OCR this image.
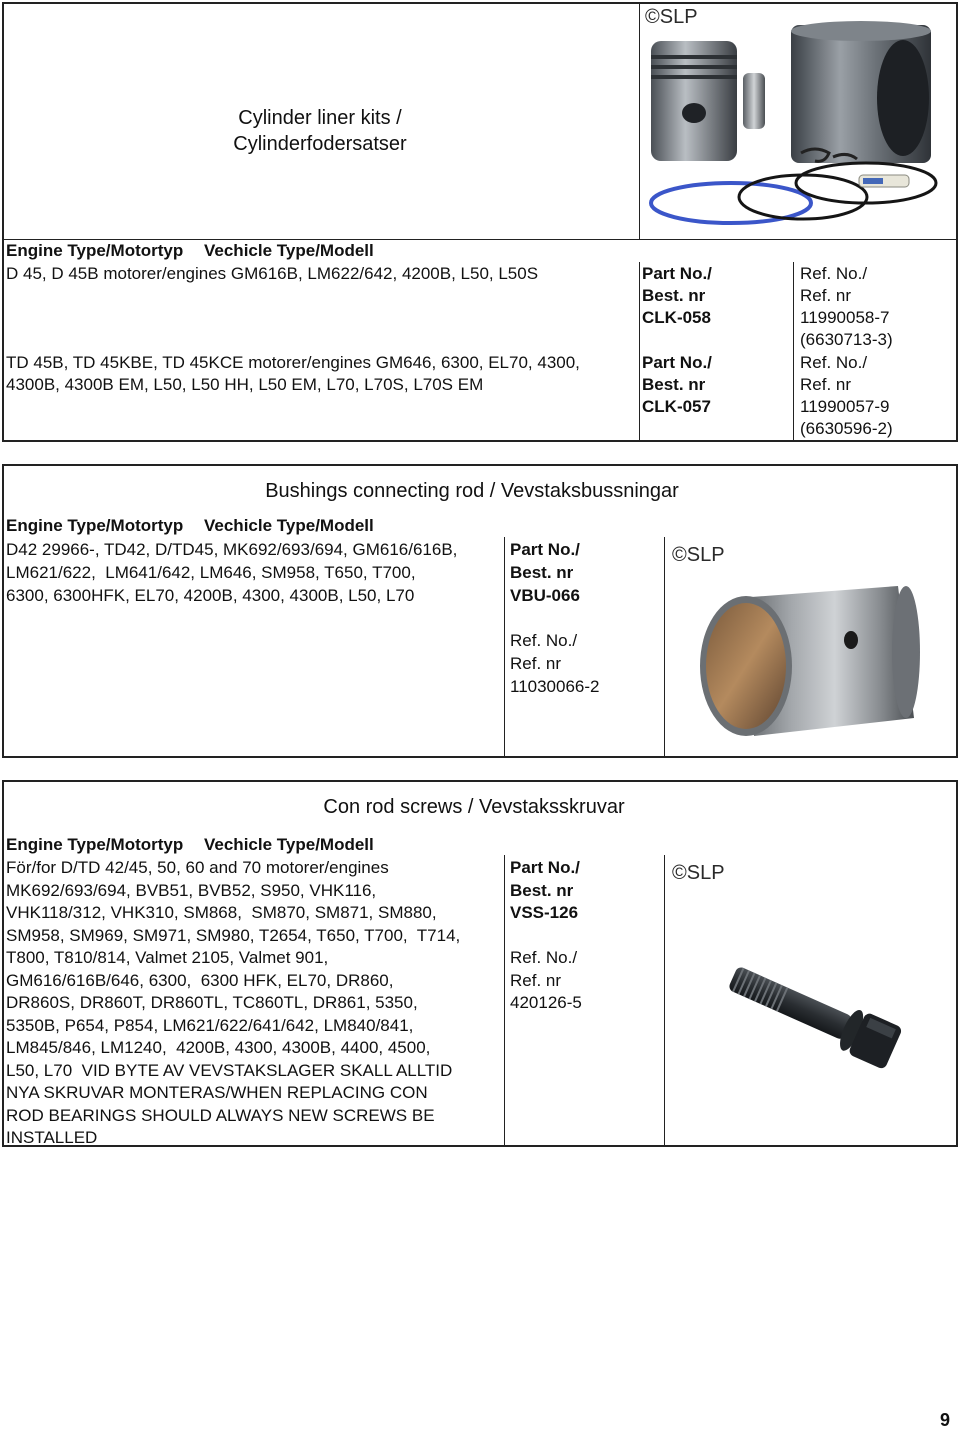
Cylinder liner kits /
Cylinderfodersatser
©SLP
Engine Type/Motortyp Vechicle Type/Modell
D 45, D 45B motorer/engines GM616B, LM622/642, 4200B, L50, L50S	Part No./
Best. nr
CLK-058
Ref. No./
Ref. nr
11990058-7
(6630713-3)
TD 45B, TD 45KBE, TD 45KCE motorer/engines GM646, 6300, EL70, 4300,
4300B, 4300B EM, L50, L50 HH, L50 EM, L70, L70S, L70S EM
Part No./
Best. nr
CLK-057
Ref. No./
Ref. nr
11990057-9
(6630596-2)
Bushings connecting rod / Vevstaksbussningar
Engine Type/Motortyp Vechicle Type/Modell
D42 29966-, TD42, D/TD45, MK692/693/694, GM616/616B,
LM621/622,  LM641/642, LM646, SM958, T650, T700,
6300, 6300HFK, EL70, 4200B, 4300, 4300B, L50, L70
Part No./
Best. nr
VBU-066
Ref. No./
Ref. nr
11030066-2
©SLP
Con rod screws / Vevstaksskruvar
Engine Type/Motortyp Vechicle Type/Modell
För/for D/TD 42/45, 50, 60 and 70 motorer/engines
MK692/693/694, BVB51, BVB52, S950, VHK116,
VHK118/312, VHK310, SM868,  SM870, SM871, SM880,
SM958, SM969, SM971, SM980, T2654, T650, T700,  T714,
T800, T810/814, Valmet 2105, Valmet 901,
GM616/616B/646, 6300,  6300 HFK, EL70, DR860,
DR860S, DR860T, DR860TL, TC860TL, DR861, 5350,
5350B, P654, P854, LM621/622/641/642, LM840/841,
LM845/846, LM1240,  4200B, 4300, 4300B, 4400, 4500,
L50, L70  VID BYTE AV VEVSTAKSLAGER SKALL ALLTID
NYA SKRUVAR MONTERAS/WHEN REPLACING CON
ROD BEARINGS SHOULD ALWAYS NEW SCREWS BE
INSTALLED
Part No./
Best. nr
VSS-126
Ref. No./
Ref. nr
420126-5
©SLP
9
